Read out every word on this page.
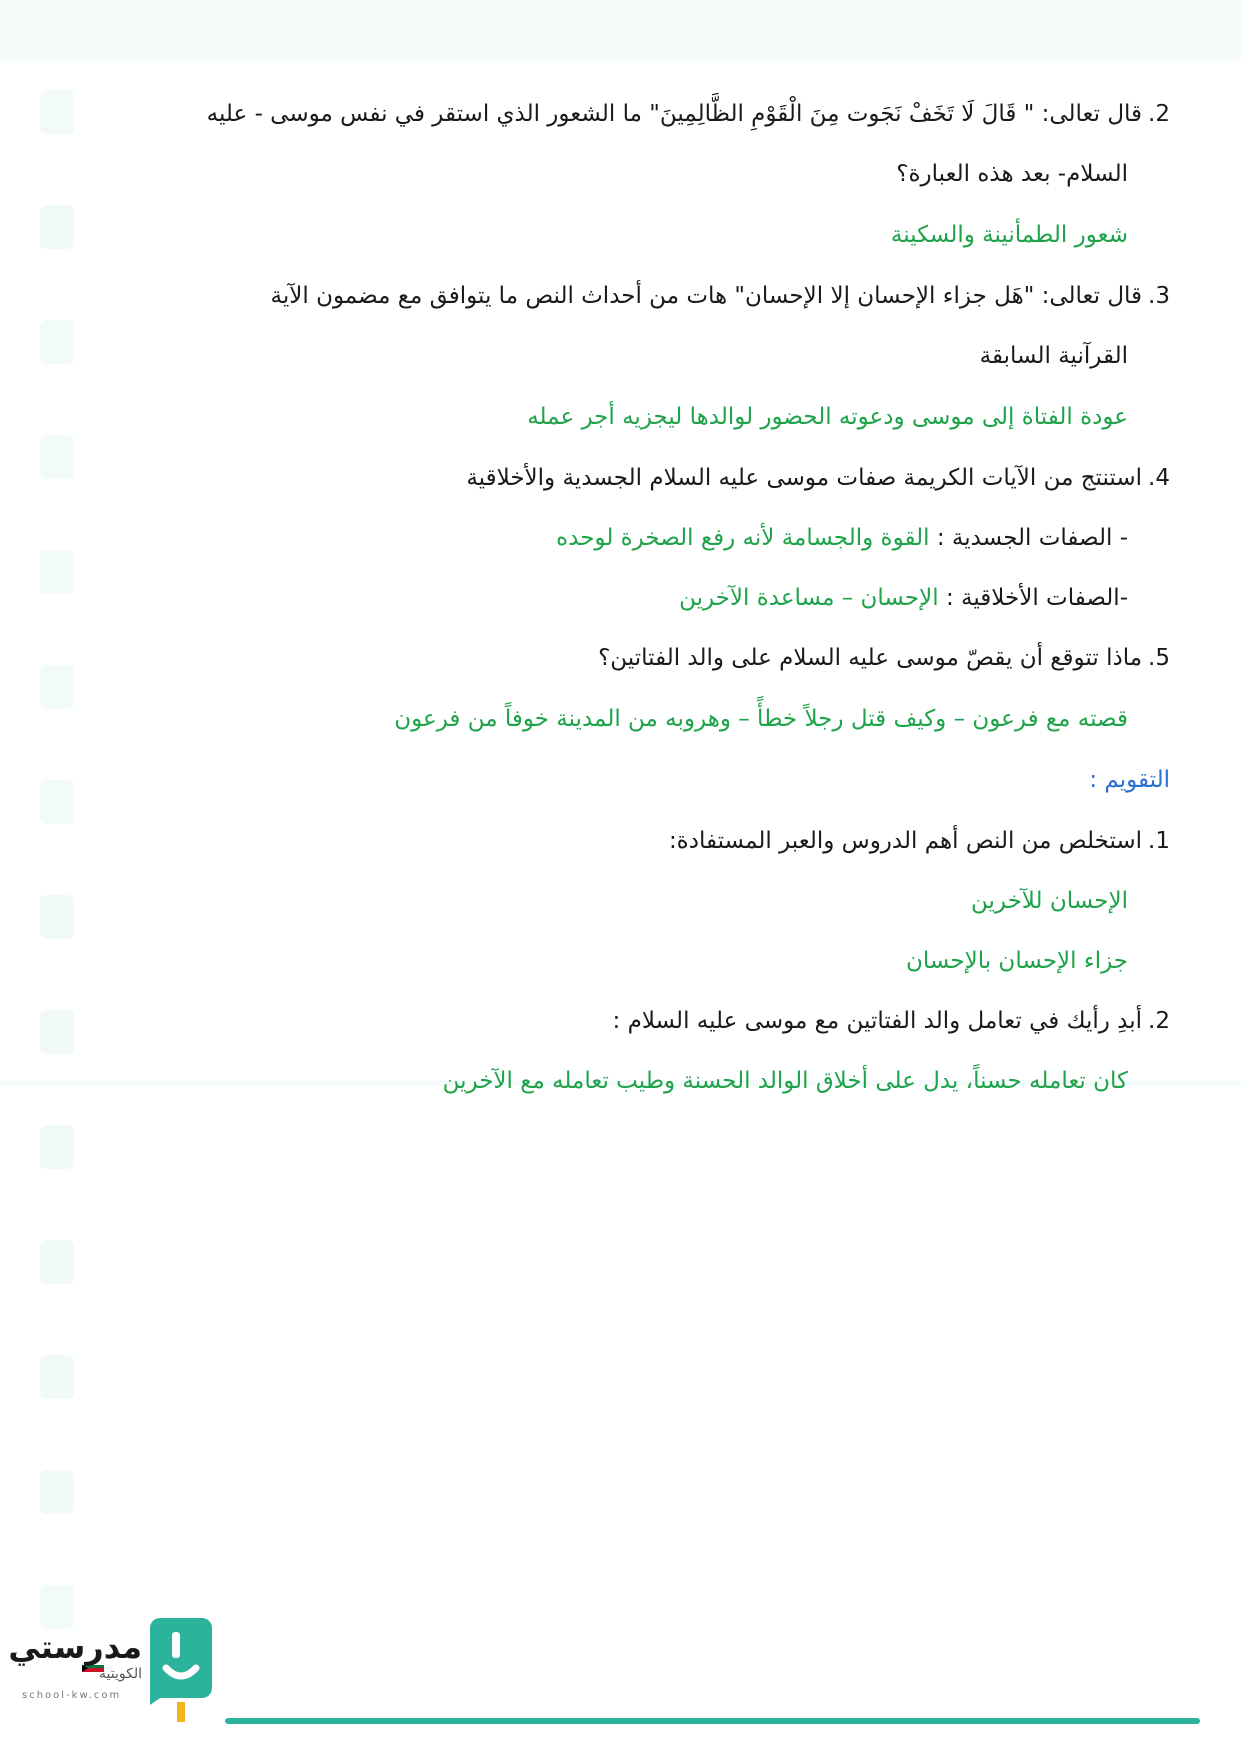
2.قال تعالى: " قَالَ لَا تَخَفْ نَجَوت مِنَ الْقَوْمِ الظَّالِمِينَ" ما الشعور الذي استقر في نفس موسى - عليه
السلام- بعد هذه العبارة؟
شعور الطمأنينة والسكينة
3.قال تعالى: "هَل جزاء الإحسان إلا الإحسان" هات من أحداث النص ما يتوافق مع مضمون الآية
القرآنية السابقة
عودة الفتاة إلى موسى ودعوته الحضور لوالدها ليجزيه أجر عمله
4.استنتج من الآيات الكريمة صفات موسى عليه السلام الجسدية والأخلاقية
- الصفات الجسدية : القوة والجسامة لأنه رفع الصخرة لوحده
-الصفات الأخلاقية : الإحسان – مساعدة الآخرين
5.ماذا تتوقع أن يقصّ موسى عليه السلام على والد الفتاتين؟
قصته مع فرعون – وكيف قتل رجلاً خطأً – وهروبه من المدينة خوفاً من فرعون
التقويم :
1.استخلص من النص أهم الدروس والعبر المستفادة:
الإحسان للآخرين
جزاء الإحسان بالإحسان
2.أبدِ رأيك في تعامل والد الفتاتين مع موسى عليه السلام :
كان تعامله حسناً، يدل على أخلاق الوالد الحسنة وطيب تعامله مع الآخرين
مدرستي
الكويتية
school-kw.com
